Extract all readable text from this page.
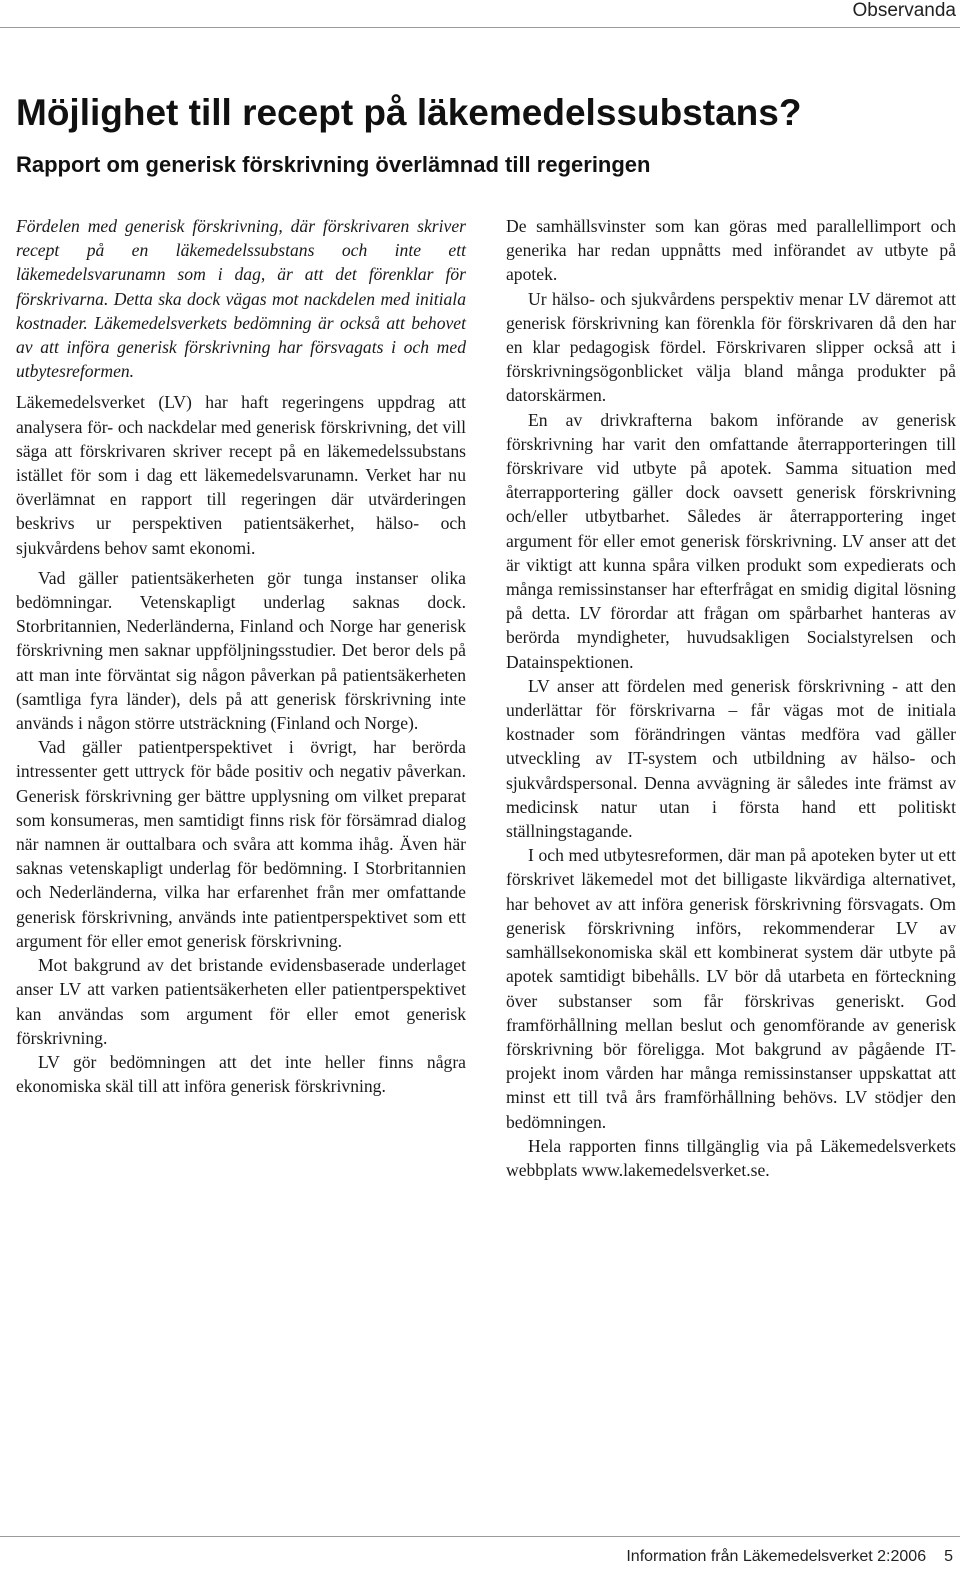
Observanda
Möjlighet till recept på läkemedelssubstans?
Rapport om generisk förskrivning överlämnad till regeringen

Fördelen med generisk förskrivning, där förskrivaren skriver recept på en läkemedelssubstans och inte ett läkemedelsvarunamn som i dag, är att det förenklar för förskrivarna. Detta ska dock vägas mot nackdelen med initiala kostnader. Läkemedelsverkets bedömning är också att behovet av att införa generisk förskrivning har försvagats i och med utbytesreformen.

Läkemedelsverket (LV) har haft regeringens uppdrag att analysera för- och nackdelar med generisk förskrivning, det vill säga att förskrivaren skriver recept på en läkemedelssubstans istället för som i dag ett läkemedelsvarunamn. Verket har nu överlämnat en rapport till regeringen där utvärderingen beskrivs ur perspektiven patientsäkerhet, hälso- och sjukvårdens behov samt ekonomi.

Vad gäller patientsäkerheten gör tunga instanser olika bedömningar. Vetenskapligt underlag saknas dock. Storbritannien, Nederländerna, Finland och Norge har generisk förskrivning men saknar uppföljningsstudier. Det beror dels på att man inte förväntat sig någon påverkan på patientsäkerheten (samtliga fyra länder), dels på att generisk förskrivning inte används i någon större utsträckning (Finland och Norge).

Vad gäller patientperspektivet i övrigt, har berörda intressenter gett uttryck för både positiv och negativ påverkan. Generisk förskrivning ger bättre upplysning om vilket preparat som konsumeras, men samtidigt finns risk för försämrad dialog när namnen är outtalbara och svåra att komma ihåg. Även här saknas vetenskapligt underlag för bedömning. I Storbritannien och Nederländerna, vilka har erfarenhet från mer omfattande generisk förskrivning, används inte patientperspektivet som ett argument för eller emot generisk förskrivning.

Mot bakgrund av det bristande evidensbaserade underlaget anser LV att varken patientsäkerheten eller patientperspektivet kan användas som argument för eller emot generisk förskrivning.

LV gör bedömningen att det inte heller finns några ekonomiska skäl till att införa generisk förskrivning.

De samhällsvinster som kan göras med parallellimport och generika har redan uppnåtts med införandet av utbyte på apotek.

Ur hälso- och sjukvårdens perspektiv menar LV däremot att generisk förskrivning kan förenkla för förskrivaren då den har en klar pedagogisk fördel. Förskrivaren slipper också att i förskrivningsögonblicket välja bland många produkter på datorskärmen.

En av drivkrafterna bakom införande av generisk förskrivning har varit den omfattande återrapporteringen till förskrivare vid utbyte på apotek. Samma situation med återrapportering gäller dock oavsett generisk förskrivning och/eller utbytbarhet. Således är återrapportering inget argument för eller emot generisk förskrivning. LV anser att det är viktigt att kunna spåra vilken produkt som expedierats och många remissinstanser har efterfrågat en smidig digital lösning på detta. LV förordar att frågan om spårbarhet hanteras av berörda myndigheter, huvudsakligen Socialstyrelsen och Datainspektionen.

LV anser att fördelen med generisk förskrivning - att den underlättar för förskrivarna – får vägas mot de initiala kostnader som förändringen väntas medföra vad gäller utveckling av IT-system och utbildning av hälso- och sjukvårdspersonal. Denna avvägning är således inte främst av medicinsk natur utan i första hand ett politiskt ställningstagande.

I och med utbytesreformen, där man på apoteken byter ut ett förskrivet läkemedel mot det billigaste likvärdiga alternativet, har behovet av att införa generisk förskrivning försvagats. Om generisk förskrivning införs, rekommenderar LV av samhällsekonomiska skäl ett kombinerat system där utbyte på apotek samtidigt bibehålls. LV bör då utarbeta en förteckning över substanser som får förskrivas generiskt. God framförhållning mellan beslut och genomförande av generisk förskrivning bör föreligga. Mot bakgrund av pågående IT-projekt inom vården har många remissinstanser uppskattat att minst ett till två års framförhållning behövs. LV stödjer den bedömningen.

Hela rapporten finns tillgänglig via på Läkemedelsverkets webbplats www.lakemedelsverket.se.

Information från Läkemedelsverket 2:2006 5
